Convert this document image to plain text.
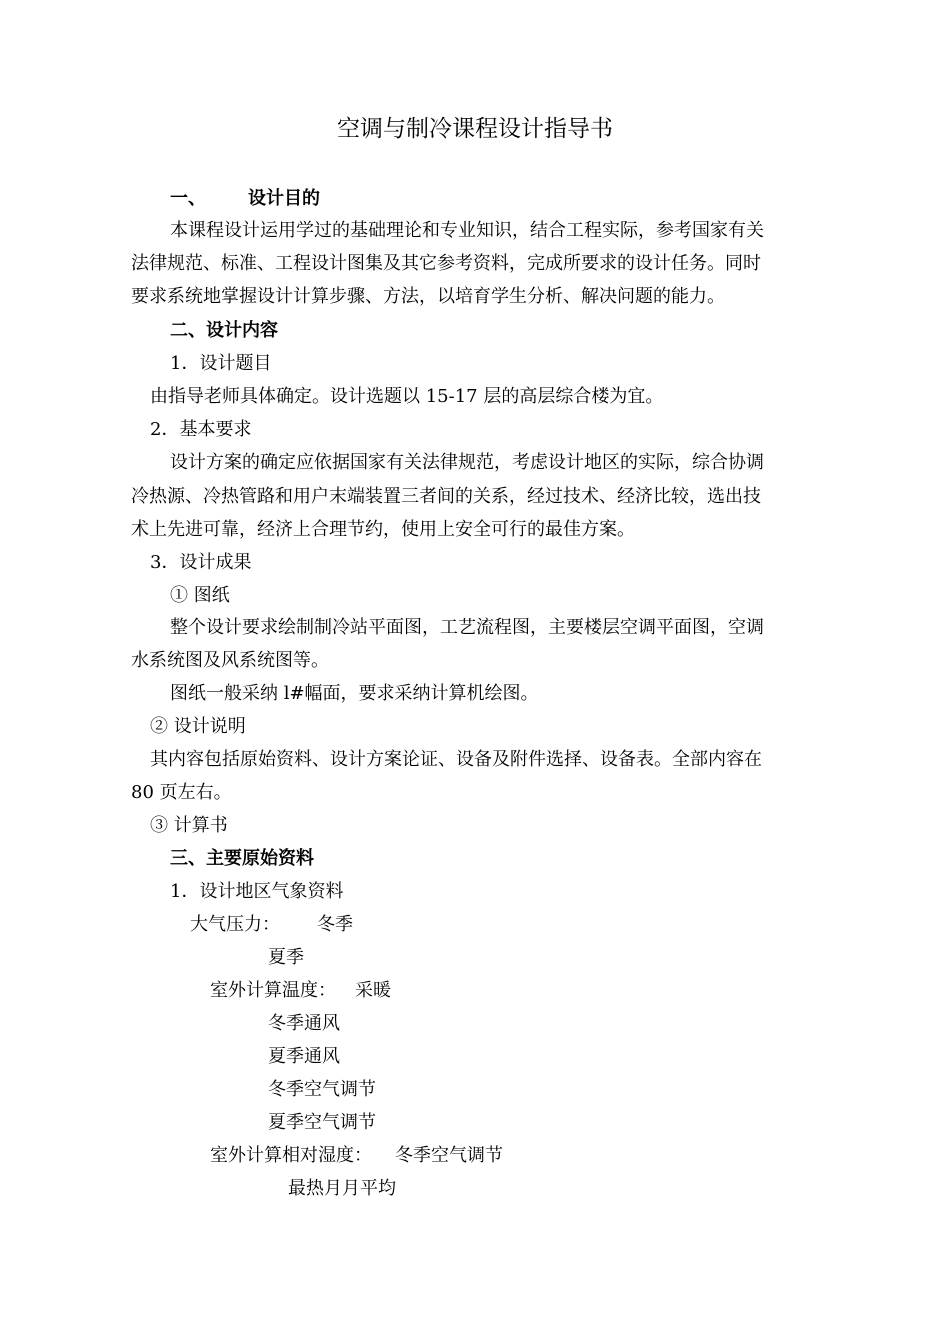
空调与制冷课程设计指导书
一、 设计目的
本课程设计运用学过的基础理论和专业知识，结合工程实际，参考国家有关
法律规范、标准、工程设计图集及其它参考资料，完成所要求的设计任务。同时
要求系统地掌握设计计算步骤、方法，以培育学生分析、解决问题的能力。
二、设计内容
1．设计题目
由指导老师具体确定。设计选题以 15-17 层的高层综合楼为宜。
2．基本要求
设计方案的确定应依据国家有关法律规范，考虑设计地区的实际，综合协调
冷热源、冷热管路和用户末端装置三者间的关系，经过技术、经济比较，选出技
术上先进可靠，经济上合理节约，使用上安全可行的最佳方案。
3．设计成果
① 图纸
整个设计要求绘制制冷站平面图，工艺流程图，主要楼层空调平面图，空调
水系统图及风系统图等。
图纸一般采纳 l#幅面，要求采纳计算机绘图。
② 设计说明
其内容包括原始资料、设计方案论证、设备及附件选择、设备表。全部内容在
80 页左右。
③ 计算书
三、主要原始资料
1．设计地区气象资料
大气压力： 冬季
夏季
室外计算温度： 采暖
冬季通风
夏季通风
冬季空气调节
夏季空气调节
室外计算相对湿度： 冬季空气调节
最热月月平均
